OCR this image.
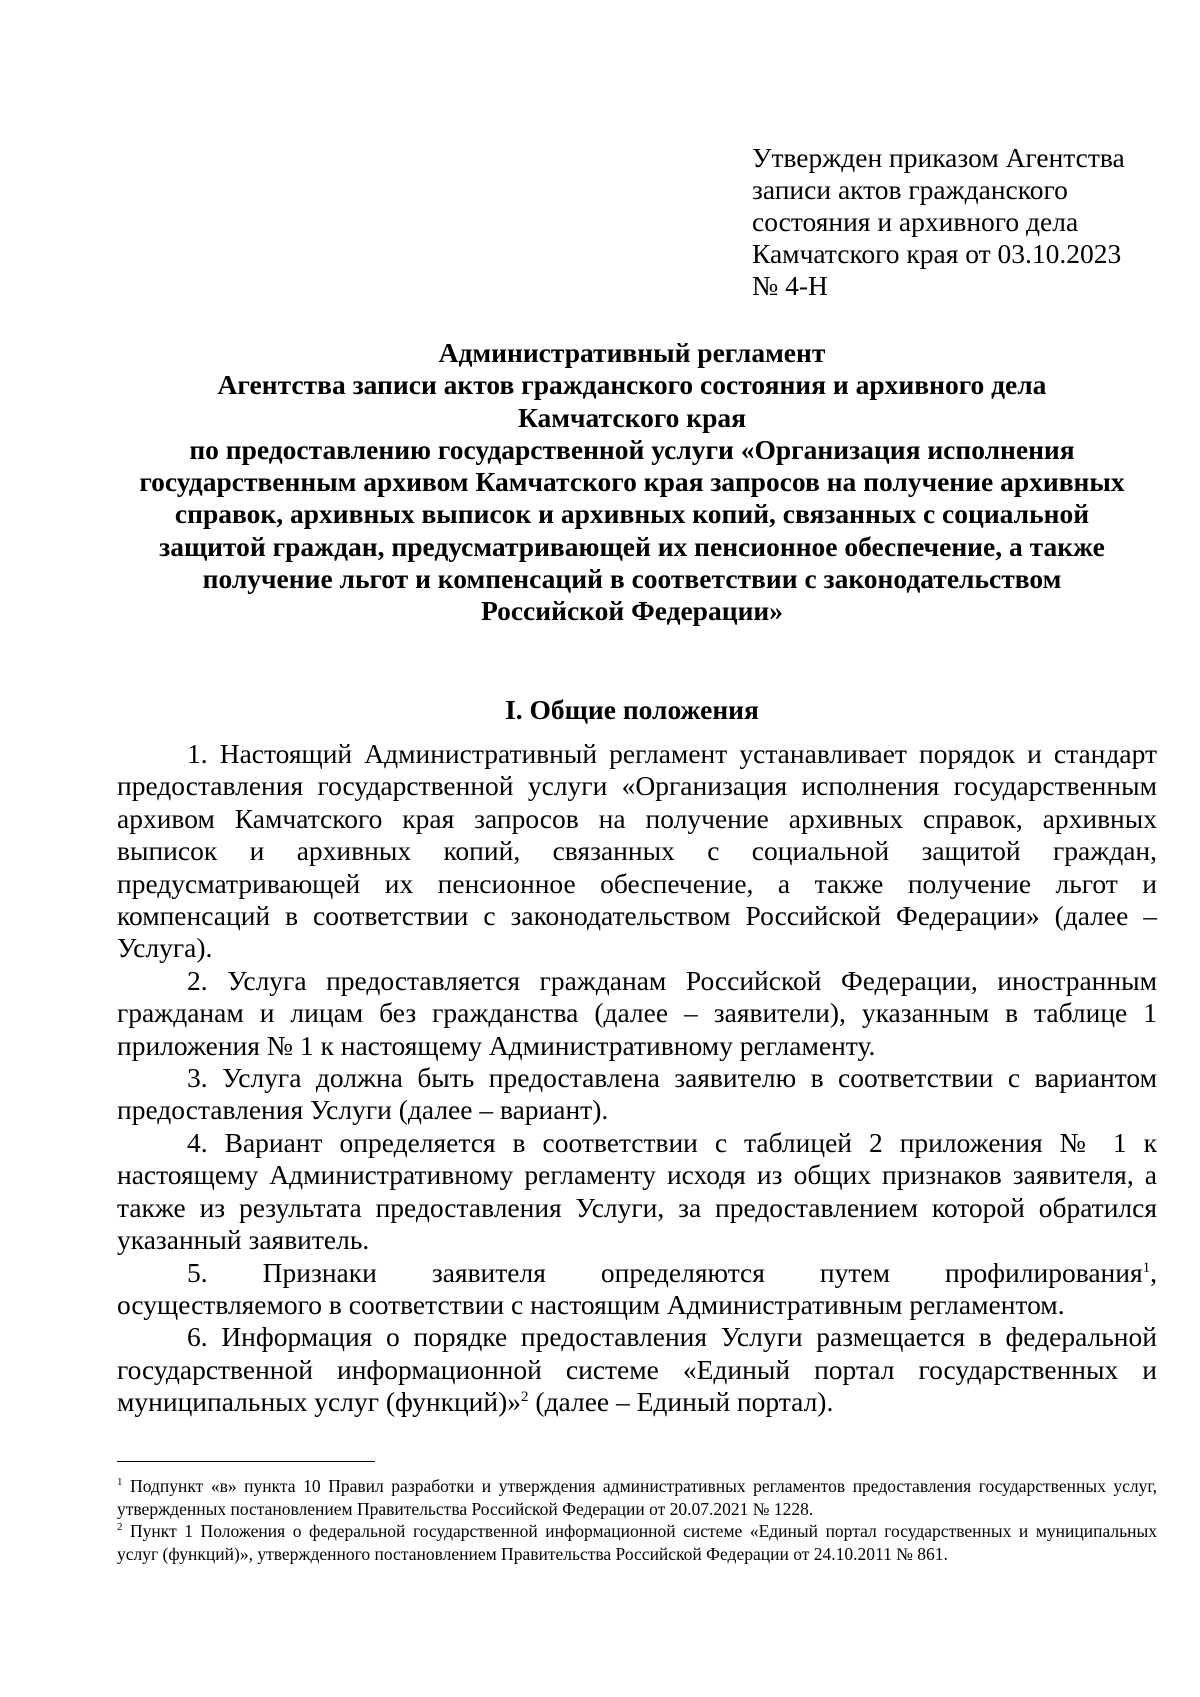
Утвержден приказом Агентства
записи актов гражданского
состояния и архивного дела
Камчатского края от 03.10.2023
№ 4-Н
Административный регламент
Агентства записи актов гражданского состояния и архивного дела
Камчатского края
по предоставлению государственной услуги «Организация исполнения
государственным архивом Камчатского края запросов на получение архивных
справок, архивных выписок и архивных копий, связанных с социальной
защитой граждан, предусматривающей их пенсионное обеспечение, а также
получение льгот и компенсаций в соответствии с законодательством
Российской Федерации»
I. Общие положения

1. Настоящий Административный регламент устанавливает порядок и стандарт предоставления государственной услуги «Организация исполнения государственным архивом Камчатского края запросов на получение архивных справок, архивных выписок и архивных копий, связанных с социальной защитой граждан, предусматривающей их пенсионное обеспечение, а также получение льгот и компенсаций в соответствии с законодательством Российской Федерации» (далее – Услуга).

2. Услуга предоставляется гражданам Российской Федерации, иностранным гражданам и лицам без гражданства (далее – заявители), указанным в таблице 1 приложения № 1 к настоящему Административному регламенту.

3. Услуга должна быть предоставлена заявителю в соответствии с вариантом предоставления Услуги (далее – вариант).

4. Вариант определяется в соответствии с таблицей 2 приложения № 1 к настоящему Административному регламенту исходя из общих признаков заявителя, а также из результата предоставления Услуги, за предоставлением которой обратился указанный заявитель.

5. Признаки заявителя определяются путем профилирования$^1$,
осуществляемого в соответствии с настоящим Административным регламентом.

6. Информация о порядке предоставления Услуги размещается в федеральной государственной информационной системе «Единый портал государственных и муниципальных услуг (функций)»$^2$ (далее – Единый портал).

$^1$ Подпункт «в» пункта 10 Правил разработки и утверждения административных регламентов предоставления государственных услуг, утвержденных постановлением Правительства Российской Федерации от 20.07.2021 № 1228.

$^2$ Пункт 1 Положения о федеральной государственной информационной системе «Единый портал государственных и муниципальных услуг (функций)», утвержденного постановлением Правительства Российской Федерации от 24.10.2011 № 861.
